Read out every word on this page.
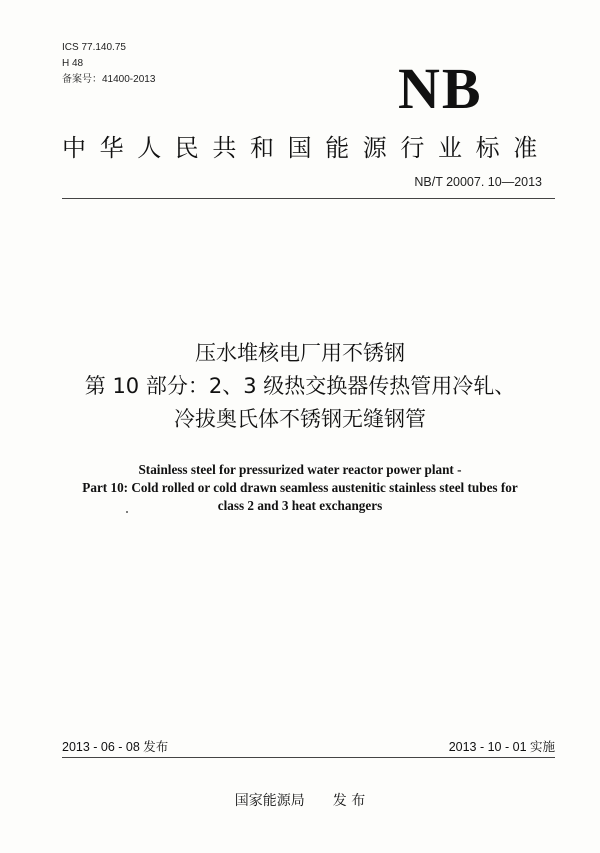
ICS 77.140.75
H 48
备案号：41400-2013	NB
中华人民共和国能源行业标准
NB/T 20007. 10—2013
压水堆核电厂用不锈钢
第 10 部分：2、3 级热交换器传热管用冷轧、
冷拔奥氏体不锈钢无缝钢管
Stainless steel for pressurized water reactor power plant -
Part 10: Cold rolled or cold drawn seamless austenitic stainless steel tubes for
class 2 and 3 heat exchangers
2013 - 06 - 08 发布	2013 - 10 - 01 实施
国家能源局 发 布
